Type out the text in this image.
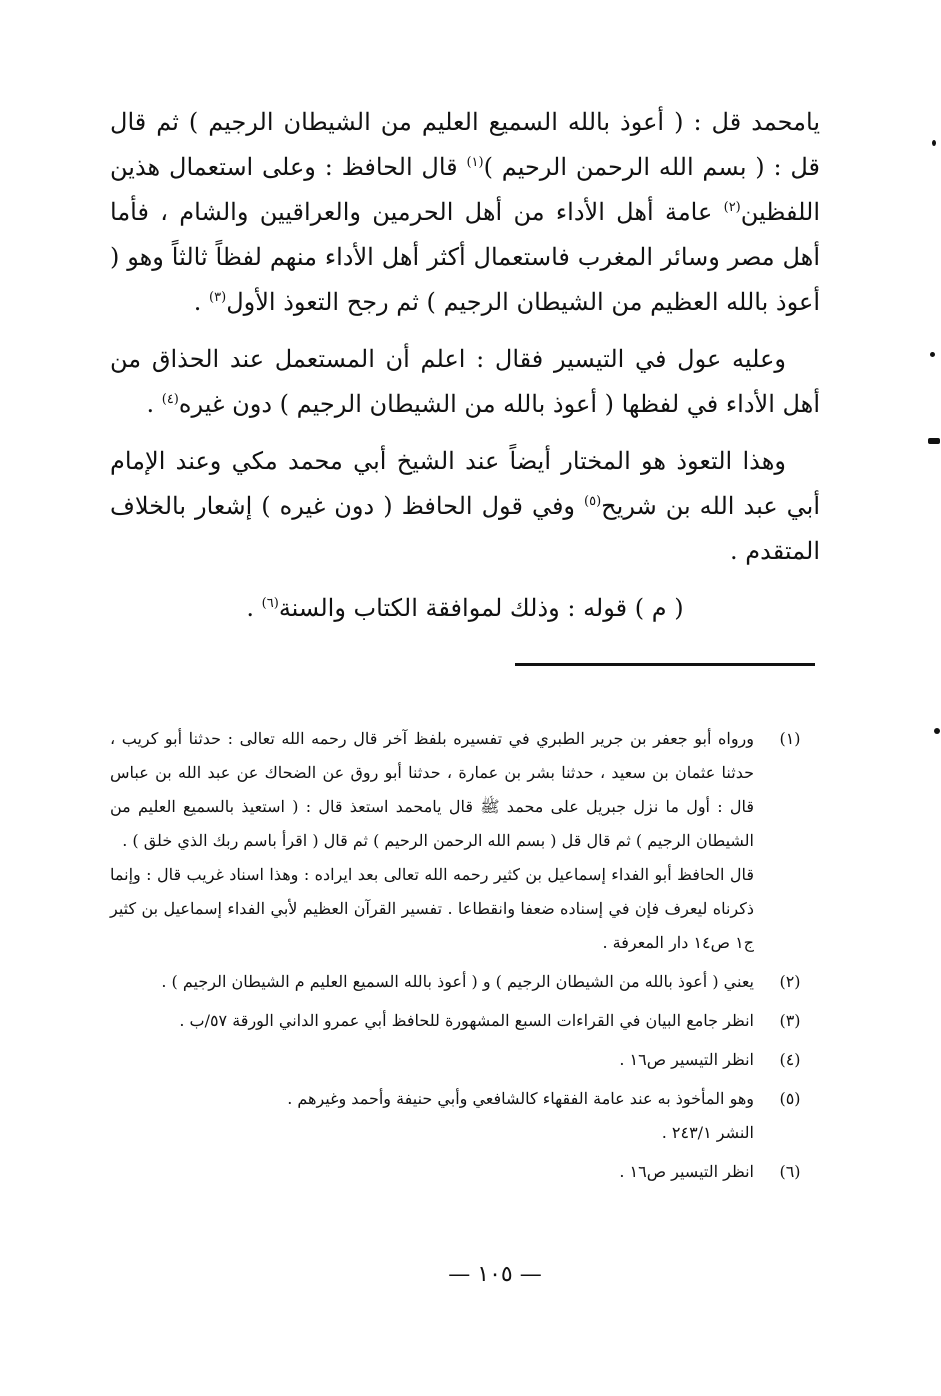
يامحمد قل : ( أعوذ بالله السميع العليم من الشيطان الرجيم ) ثم قال قل : ( بسم الله الرحمن الرحيم )$^{(١)}$ قال الحافظ : وعلى استعمال هذين اللفظين$^{(٢)}$ عامة أهل الأداء من أهل الحرمين والعراقيين والشام ، فأما أهل مصر وسائر المغرب فاستعمال أكثر أهل الأداء منهم لفظاً ثالثاً وهو ( أعوذ بالله العظيم من الشيطان الرجيم ) ثم رجح التعوذ الأول$^{(٣)}$ .

وعليه عول في التيسير فقال : اعلم أن المستعمل عند الحذاق من أهل الأداء في لفظها ( أعوذ بالله من الشيطان الرجيم ) دون غيره$^{(٤)}$ .

وهذا التعوذ هو المختار أيضاً عند الشيخ أبي محمد مكي وعند الإمام أبي عبد الله بن شريح$^{(٥)}$ وفي قول الحافظ ( دون غيره ) إشعار بالخلاف المتقدم .

( م ) قوله : وذلك لموافقة الكتاب والسنة$^{(٦)}$ .

(١)
ورواه أبو جعفر بن جرير الطبري في تفسيره بلفظ آخر قال رحمه الله تعالى : حدثنا أبو كريب ، حدثنا عثمان بن سعيد ، حدثنا بشر بن عمارة ، حدثنا أبو روق عن الضحاك عن عبد الله بن عباس قال : أول ما نزل جبريل على محمد ﷺ قال يامحمد استعذ قال : ( استعيذ بالسميع العليم من الشيطان الرجيم ) ثم قال قل ( بسم الله الرحمن الرحيم ) ثم قال ( اقرأ باسم ربك الذي خلق ) .
قال الحافظ أبو الفداء إسماعيل بن كثير رحمه الله تعالى بعد ايراده : وهذا اسناد غريب قال : وإنما ذكرناه ليعرف فإن في إسناده ضعفا وانقطاعا . تفسير القرآن العظيم لأبي الفداء إسماعيل بن كثير ج١ ص١٤ دار المعرفة .
(٢)
يعني ( أعوذ بالله من الشيطان الرجيم ) و ( أعوذ بالله السميع العليم م الشيطان الرجيم ) .
(٣)
انظر جامع البيان في القراءات السبع المشهورة للحافظ أبي عمرو الداني الورقة ٥٧/ب .
(٤)
انظر التيسير ص١٦ .
(٥)
وهو المأخوذ به عند عامة الفقهاء كالشافعي وأبي حنيفة وأحمد وغيرهم .
النشر ٢٤٣/١ .
(٦)
انظر التيسير ص١٦ .
— ١٠٥ —
